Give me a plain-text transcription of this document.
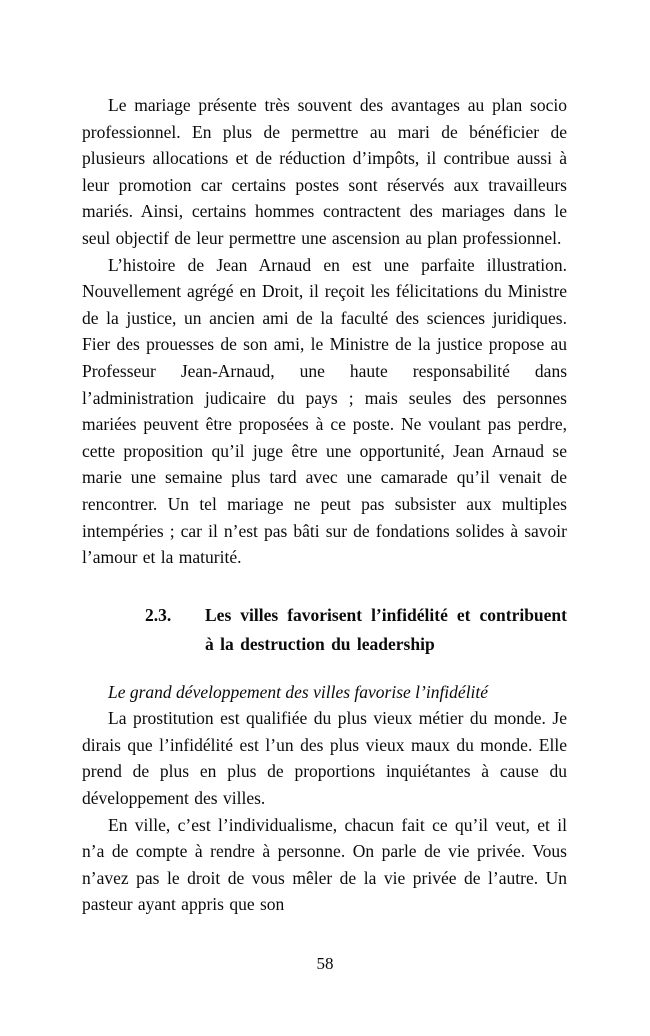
Le mariage présente très souvent des avantages au plan socio professionnel. En plus de permettre au mari de bénéficier de plusieurs allocations et de réduction d’impôts, il contribue aussi à leur promotion car certains postes sont réservés aux travailleurs mariés. Ainsi, certains hommes contractent des mariages dans le seul objectif de leur permettre une ascension au plan professionnel.

L’histoire de Jean Arnaud en est une parfaite illustration. Nouvellement agrégé en Droit, il reçoit les félicitations du Ministre de la justice, un ancien ami de la faculté des sciences juridiques. Fier des prouesses de son ami, le Ministre de la justice propose au Professeur Jean-Arnaud, une haute responsabilité dans l’administration judicaire du pays ; mais seules des personnes mariées peuvent être proposées à ce poste. Ne voulant pas perdre, cette proposition qu’il juge être une opportunité, Jean Arnaud se marie une semaine plus tard avec une camarade qu’il venait de rencontrer. Un tel mariage ne peut pas subsister aux multiples intempéries ; car il n’est pas bâti sur de fondations solides à savoir l’amour et la maturité.

2.3.	Les villes favorisent l’infidélité et contribuent à la destruction du leadership

Le grand développement des villes favorise l’infidélité

La prostitution est qualifiée du plus vieux métier du monde. Je dirais que l’infidélité est l’un des plus vieux maux du monde. Elle prend de plus en plus de proportions inquiétantes à cause du développement des villes.

En ville, c’est l’individualisme, chacun fait ce qu’il veut, et il n’a de compte à rendre à personne. On parle de vie privée. Vous n’avez pas le droit de vous mêler de la vie privée de l’autre. Un pasteur ayant appris que son

58
